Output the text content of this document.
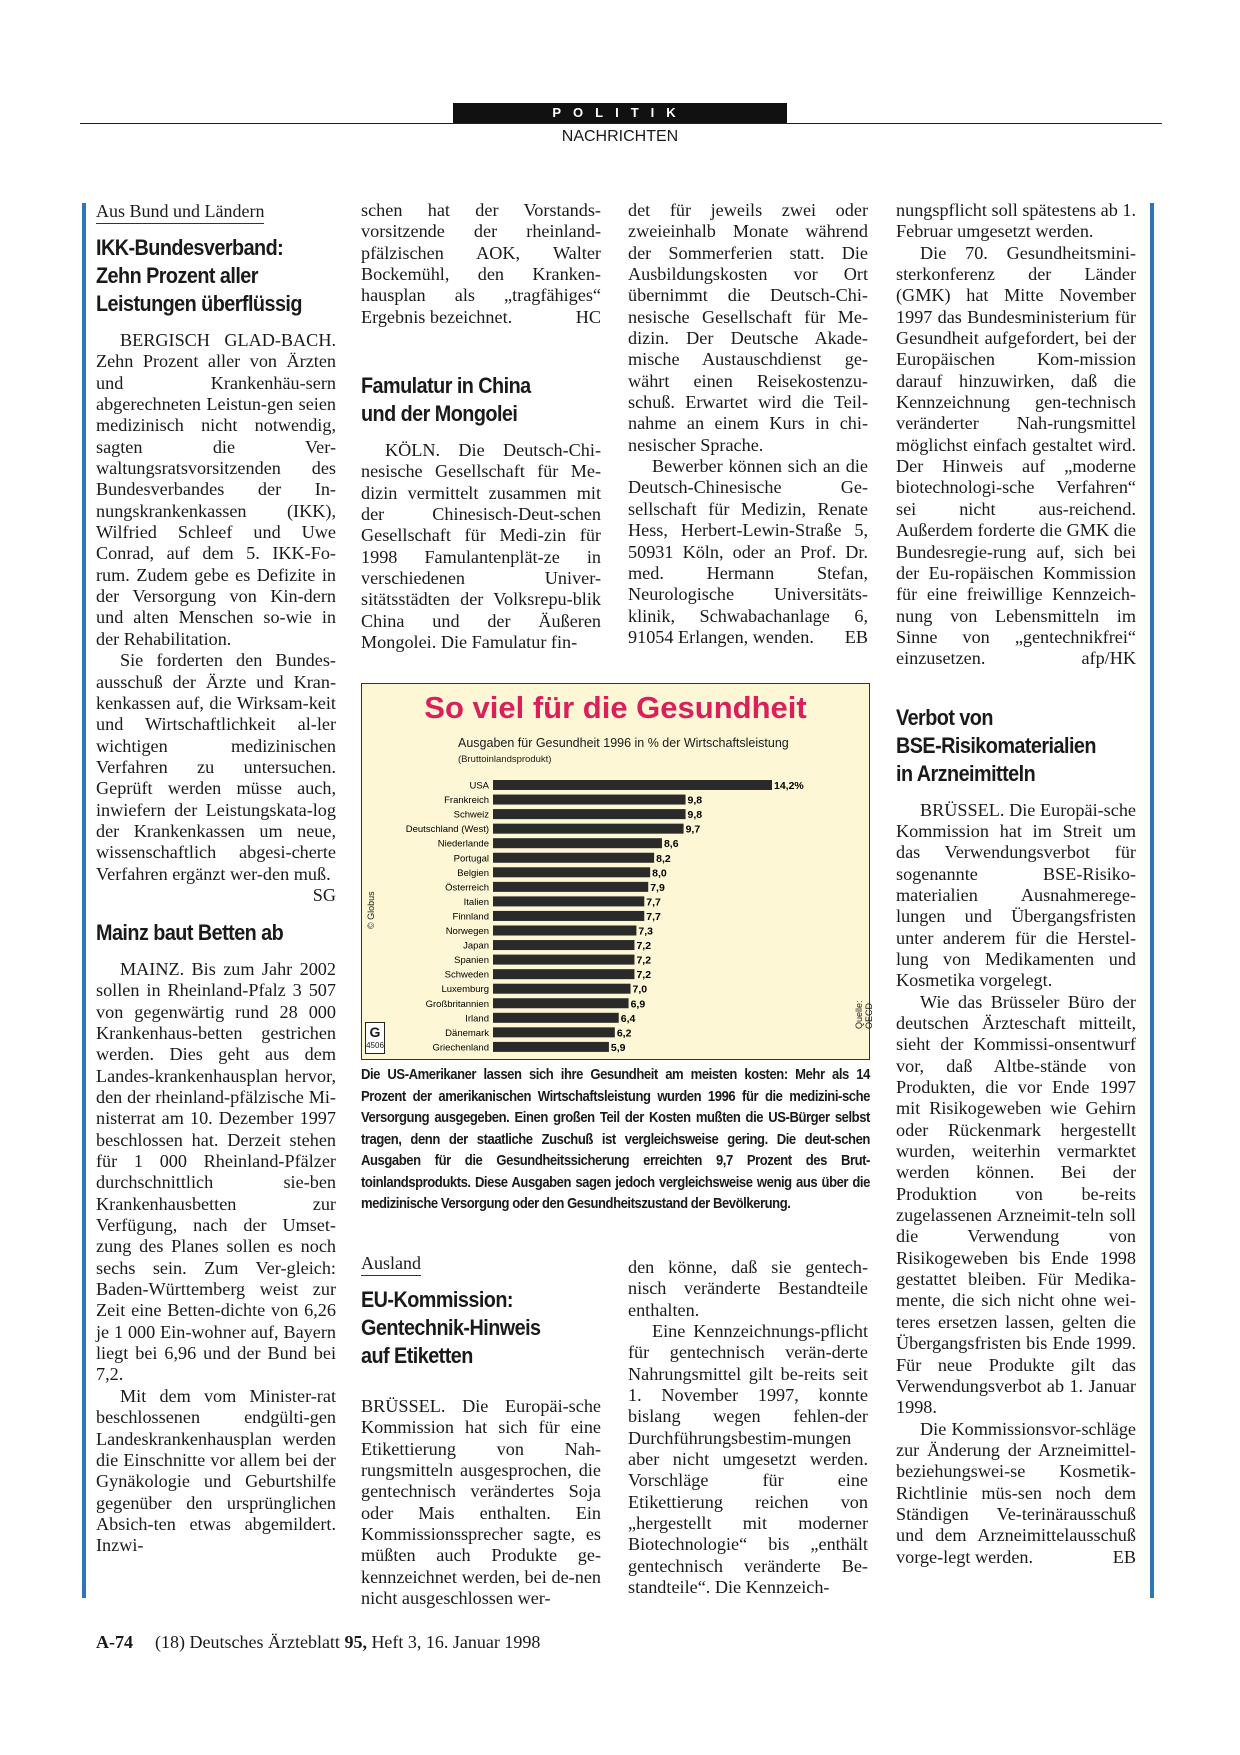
POLITIK
NACHRICHTEN
Aus Bund und Ländern
IKK-Bundesverband:
Zehn Prozent aller
Leistungen überflüssig

BERGISCH GLAD-BACH. Zehn Prozent aller von Ärzten und Krankenhäu-sern abgerechneten Leistun-gen seien medizinisch nicht notwendig, sagten die Ver-waltungsratsvorsitzenden des Bundesverbandes der In-nungskrankenkassen (IKK), Wilfried Schleef und Uwe Conrad, auf dem 5. IKK-Fo-rum. Zudem gebe es Defizite in der Versorgung von Kin-dern und alten Menschen so-wie in der Rehabilitation.

Sie forderten den Bundes-ausschuß der Ärzte und Kran-kenkassen auf, die Wirksam-keit und Wirtschaftlichkeit al-ler wichtigen medizinischen Verfahren zu untersuchen. Geprüft werden müsse auch, inwiefern der Leistungskata-log der Krankenkassen um neue, wissenschaftlich abgesi-cherte Verfahren ergänzt wer-den muß.
SG

Mainz baut Betten ab

MAINZ. Bis zum Jahr 2002 sollen in Rheinland-Pfalz 3 507 von gegenwärtig rund 28 000 Krankenhaus-betten gestrichen werden. Dies geht aus dem Landes-krankenhausplan hervor, den der rheinland-pfälzische Mi-nisterrat am 10. Dezember 1997 beschlossen hat. Derzeit stehen für 1 000 Rheinland-Pfälzer durchschnittlich sie-ben Krankenhausbetten zur Verfügung, nach der Umset-zung des Planes sollen es noch sechs sein. Zum Ver-gleich: Baden-Württemberg weist zur Zeit eine Betten-dichte von 6,26 je 1 000 Ein-wohner auf, Bayern liegt bei 6,96 und der Bund bei 7,2.

Mit dem vom Minister-rat beschlossenen endgülti-gen Landeskrankenhausplan werden die Einschnitte vor allem bei der Gynäkologie und Geburtshilfe gegenüber den ursprünglichen Absich-ten etwas abgemildert. Inzwi-

schen hat der Vorstands-vorsitzende der rheinland-pfälzischen AOK, Walter Bockemühl, den Kranken-hausplan als „tragfähiges“ Ergebnis bezeichnet.	HC

Famulatur in China
und der Mongolei

KÖLN. Die Deutsch-Chi-nesische Gesellschaft für Me-dizin vermittelt zusammen mit der Chinesisch-Deut-schen Gesellschaft für Medi-zin für 1998 Famulantenplät-ze in verschiedenen Univer-sitätsstädten der Volksrepu-blik China und der Äußeren Mongolei. Die Famulatur fin-

det für jeweils zwei oder zweieinhalb Monate während der Sommerferien statt. Die Ausbildungskosten vor Ort übernimmt die Deutsch-Chi-nesische Gesellschaft für Me-dizin. Der Deutsche Akade-mische Austauschdienst ge-währt einen Reisekostenzu-schuß. Erwartet wird die Teil-nahme an einem Kurs in chi-nesischer Sprache.

Bewerber können sich an die Deutsch-Chinesische Ge-sellschaft für Medizin, Renate Hess, Herbert-Lewin-Straße 5, 50931 Köln, oder an Prof. Dr. med. Hermann Stefan, Neurologische Universitäts-klinik, Schwabachanlage 6, 91054 Erlangen, wenden.	EB

nungspflicht soll spätestens ab 1. Februar umgesetzt werden.

Die 70. Gesundheitsmini-sterkonferenz der Länder (GMK) hat Mitte November 1997 das Bundesministerium für Gesundheit aufgefordert, bei der Europäischen Kom-mission darauf hinzuwirken, daß die Kennzeichnung gen-technisch veränderter Nah-rungsmittel möglichst einfach gestaltet wird. Der Hinweis auf „moderne biotechnologi-sche Verfahren“ sei nicht aus-reichend. Außerdem forderte die GMK die Bundesregie-rung auf, sich bei der Eu-ropäischen Kommission für eine freiwillige Kennzeich-nung von Lebensmitteln im Sinne von „gentechnikfrei“ einzusetzen.	afp/HK

Verbot von
BSE-Risikomaterialien
in Arzneimitteln

BRÜSSEL. Die Europäi-sche Kommission hat im Streit um das Verwendungsverbot für sogenannte BSE-Risiko-materialien Ausnahmerege-lungen und Übergangsfristen unter anderem für die Herstel-lung von Medikamenten und Kosmetika vorgelegt.

Wie das Brüsseler Büro der deutschen Ärzteschaft mitteilt, sieht der Kommissi-onsentwurf vor, daß Altbe-stände von Produkten, die vor Ende 1997 mit Risikogeweben wie Gehirn oder Rückenmark hergestellt wurden, weiterhin vermarktet werden können. Bei der Produktion von be-reits zugelassenen Arzneimit-teln soll die Verwendung von Risikogeweben bis Ende 1998 gestattet bleiben. Für Medika-mente, die sich nicht ohne wei-teres ersetzen lassen, gelten die Übergangsfristen bis Ende 1999. Für neue Produkte gilt das Verwendungsverbot ab 1. Januar 1998.

Die Kommissionsvor-schläge zur Änderung der Arzneimittel- beziehungswei-se Kosmetik-Richtlinie müs-sen noch dem Ständigen Ve-terinärausschuß und dem Arzneimittelausschuß vorge-legt werden.	EB

So viel für die Gesundheit
Ausgaben für Gesundheit 1996 in % der Wirtschaftsleistung
(Bruttoinlandsprodukt)
USA	14,2%
Frankreich	9,8
Schweiz	9,8
Deutschland (West)	9,7
Niederlande	8,6
Portugal	8,2
Belgien	8,0
Österreich	7,9
Italien	7,7
Finnland	7,7
Norwegen	7,3
Japan	7,2
Spanien	7,2
Schweden	7,2
Luxemburg	7,0
Großbritannien	6,9
Irland	6,4
Dänemark	6,2
Griechenland	5,9
© Globus
Quelle: OECD
G
4506
Die US-Amerikaner lassen sich ihre Gesundheit am meisten kosten: Mehr als 14 Prozent der amerikanischen Wirtschaftsleistung wurden 1996 für die medizini-sche Versorgung ausgegeben. Einen großen Teil der Kosten mußten die US-Bürger selbst tragen, denn der staatliche Zuschuß ist vergleichsweise gering. Die deut-schen Ausgaben für die Gesundheitssicherung erreichten 9,7 Prozent des Brut-toinlandsprodukts. Diese Ausgaben sagen jedoch vergleichsweise wenig aus über die medizinische Versorgung oder den Gesundheitszustand der Bevölkerung.
Ausland
EU-Kommission:
Gentechnik-Hinweis
auf Etiketten

BRÜSSEL. Die Europäi-sche Kommission hat sich für eine Etikettierung von Nah-rungsmitteln ausgesprochen, die gentechnisch verändertes Soja oder Mais enthalten. Ein Kommissionssprecher sagte, es müßten auch Produkte ge-kennzeichnet werden, bei de-nen nicht ausgeschlossen wer-

den könne, daß sie gentech-nisch veränderte Bestandteile enthalten.

Eine Kennzeichnungs-pflicht für gentechnisch verän-derte Nahrungsmittel gilt be-reits seit 1. November 1997, konnte bislang wegen fehlen-der Durchführungsbestim-mungen aber nicht umgesetzt werden. Vorschläge für eine Etikettierung reichen von „hergestellt mit moderner Biotechnologie“ bis „enthält gentechnisch veränderte Be-standteile“. Die Kennzeich-

A-74 (18) Deutsches Ärzteblatt 95, Heft 3, 16. Januar 1998
